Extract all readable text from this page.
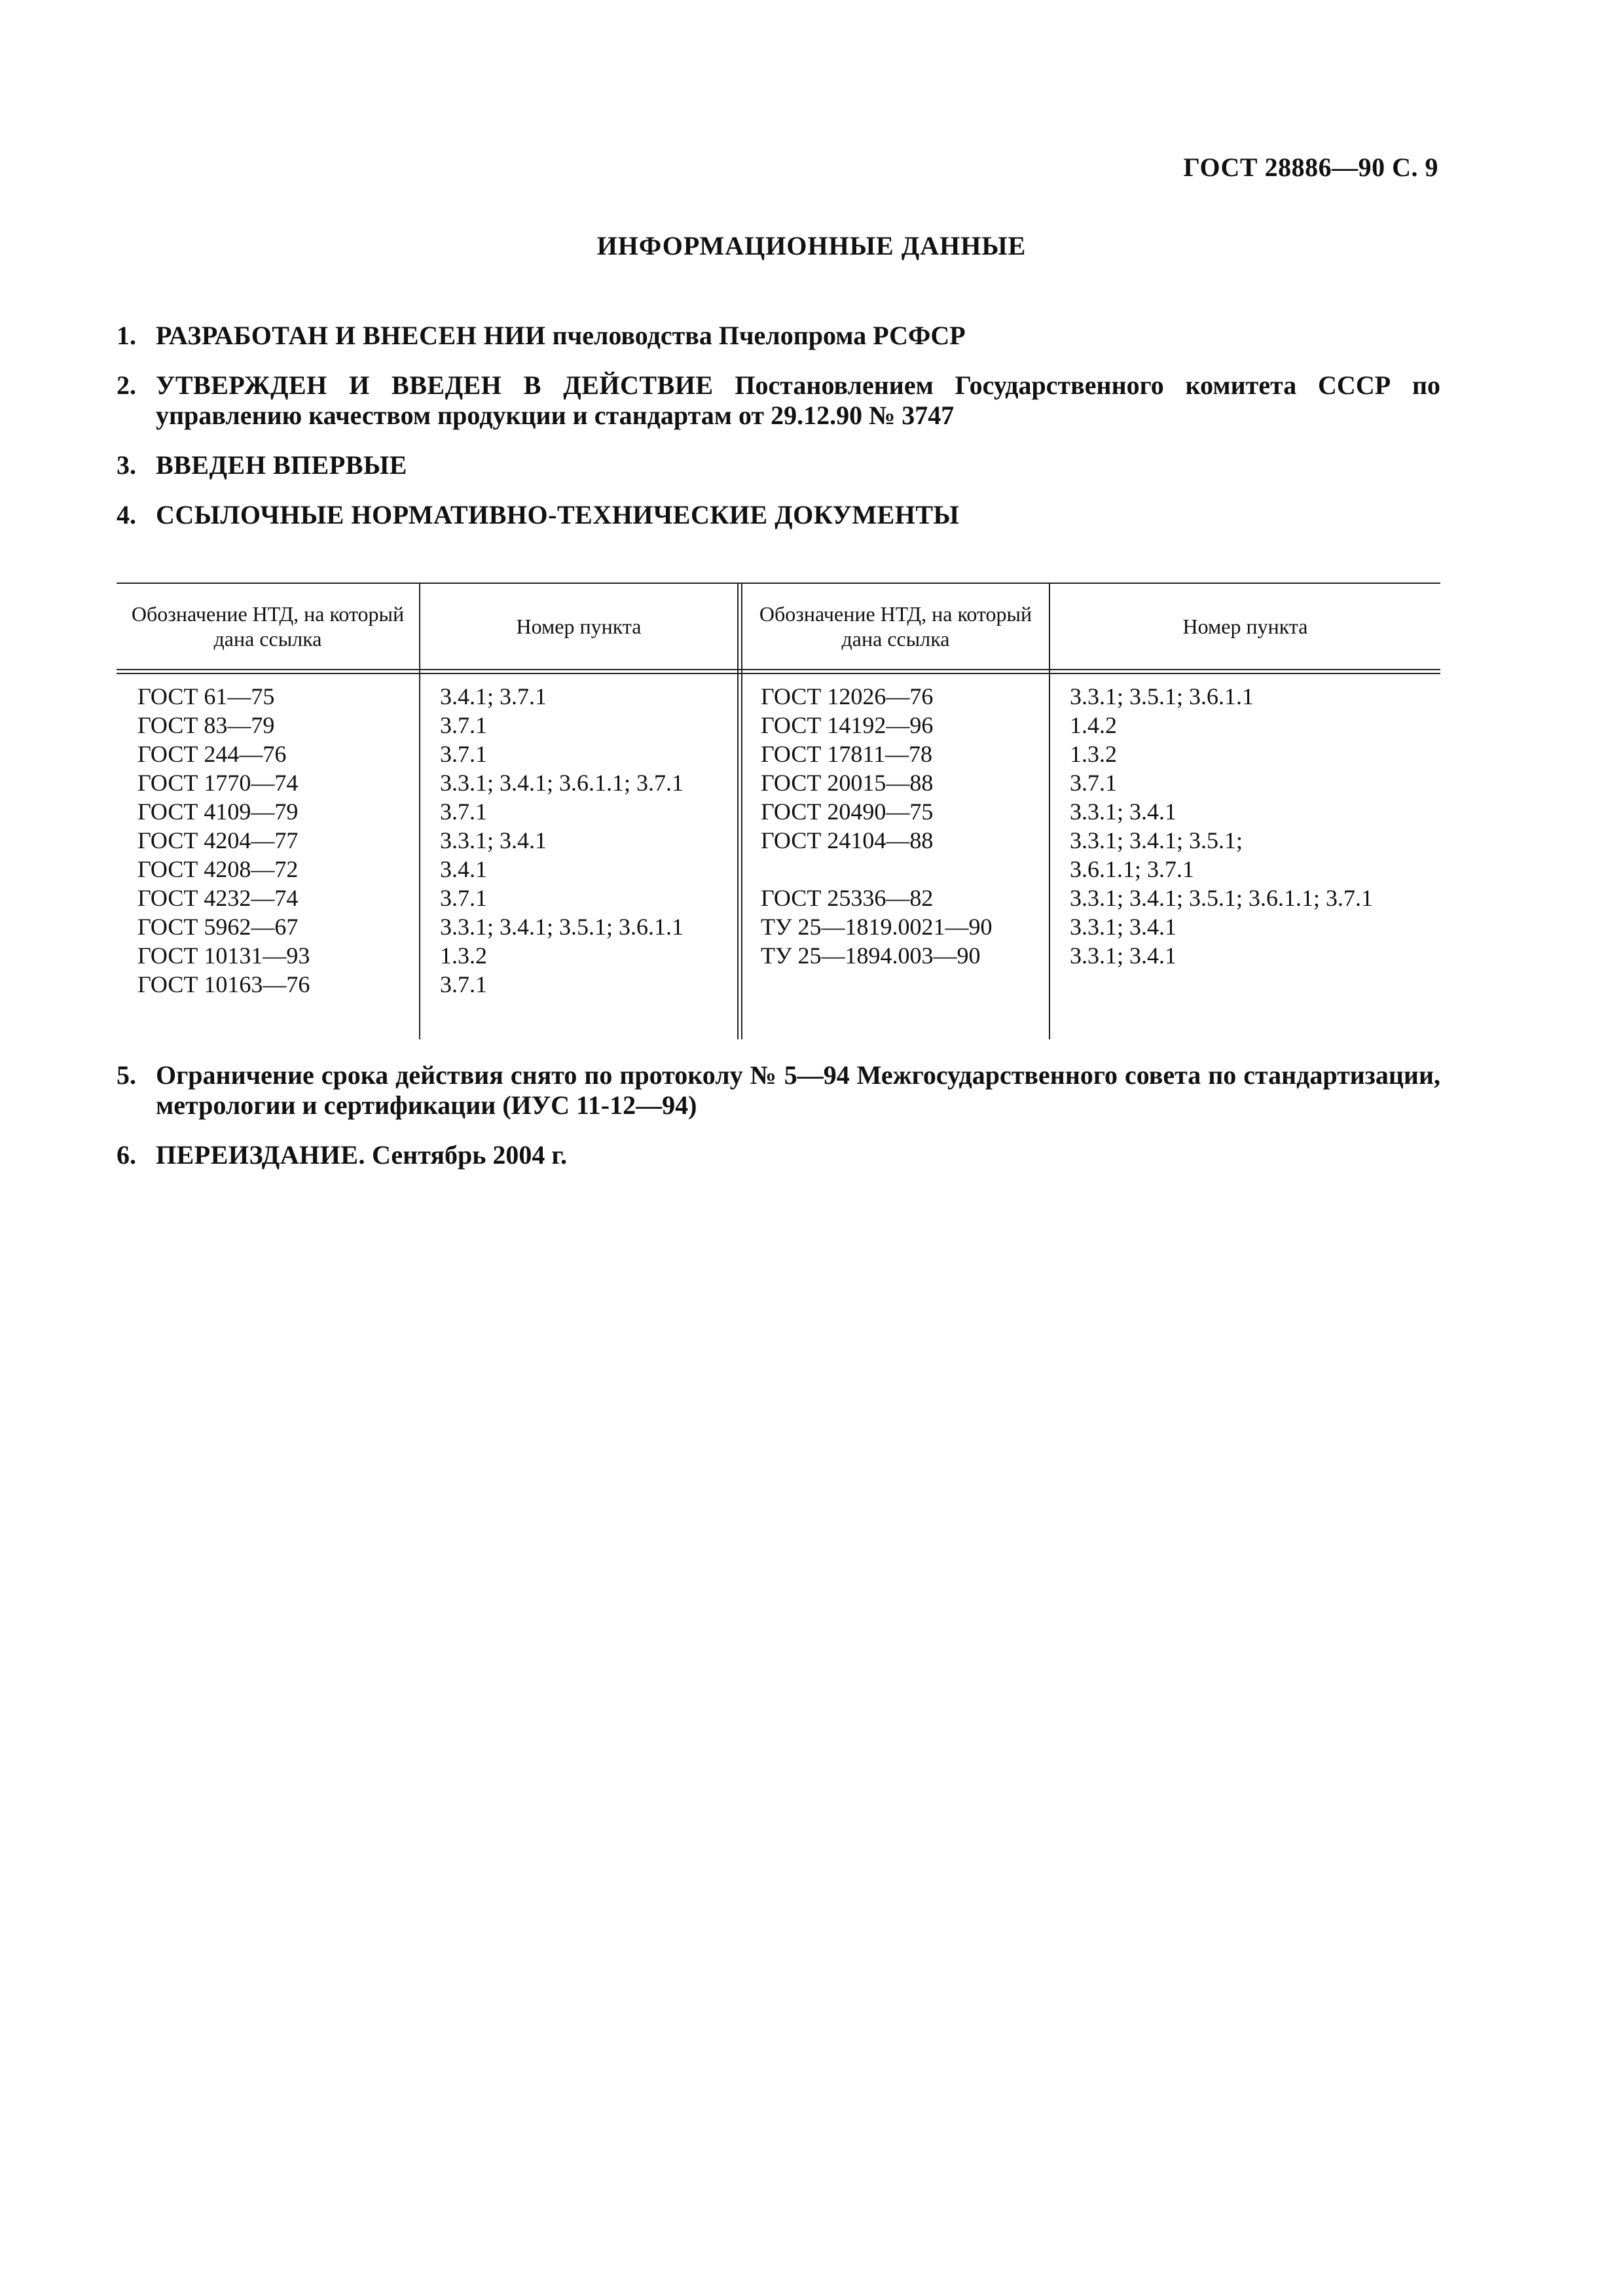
ГОСТ 28886—90 С. 9
ИНФОРМАЦИОННЫЕ ДАННЫЕ
1. РАЗРАБОТАН И ВНЕСЕН НИИ пчеловодства Пчелопрома РСФСР
2. УТВЕРЖДЕН И ВВЕДЕН В ДЕЙСТВИЕ Постановлением Государственного комитета СССР по управлению качеством продукции и стандартам от 29.12.90 № 3747
3. ВВЕДЕН ВПЕРВЫЕ
4. ССЫЛОЧНЫЕ НОРМАТИВНО-ТЕХНИЧЕСКИЕ ДОКУМЕНТЫ
Обозначение НТД, на который дана ссылка
Номер пункта
Обозначение НТД, на который дана ссылка
Номер пункта
ГОСТ 61—75
ГОСТ 83—79
ГОСТ 244—76
ГОСТ 1770—74
ГОСТ 4109—79
ГОСТ 4204—77
ГОСТ 4208—72
ГОСТ 4232—74
ГОСТ 5962—67
ГОСТ 10131—93
ГОСТ 10163—76
3.4.1; 3.7.1
3.7.1
3.7.1
3.3.1; 3.4.1; 3.6.1.1; 3.7.1
3.7.1
3.3.1; 3.4.1
3.4.1
3.7.1
3.3.1; 3.4.1; 3.5.1; 3.6.1.1
1.3.2
3.7.1
ГОСТ 12026—76
ГОСТ 14192—96
ГОСТ 17811—78
ГОСТ 20015—88
ГОСТ 20490—75
ГОСТ 24104—88
ГОСТ 25336—82
ТУ 25—1819.0021—90
ТУ 25—1894.003—90
3.3.1; 3.5.1; 3.6.1.1
1.4.2
1.3.2
3.7.1
3.3.1; 3.4.1
3.3.1; 3.4.1; 3.5.1;
3.6.1.1; 3.7.1
3.3.1; 3.4.1; 3.5.1; 3.6.1.1; 3.7.1
3.3.1; 3.4.1
3.3.1; 3.4.1
5. Ограничение срока действия снято по протоколу № 5—94 Межгосударственного совета по стандартизации, метрологии и сертификации (ИУС 11-12—94)
6. ПЕРЕИЗДАНИЕ. Сентябрь 2004 г.
